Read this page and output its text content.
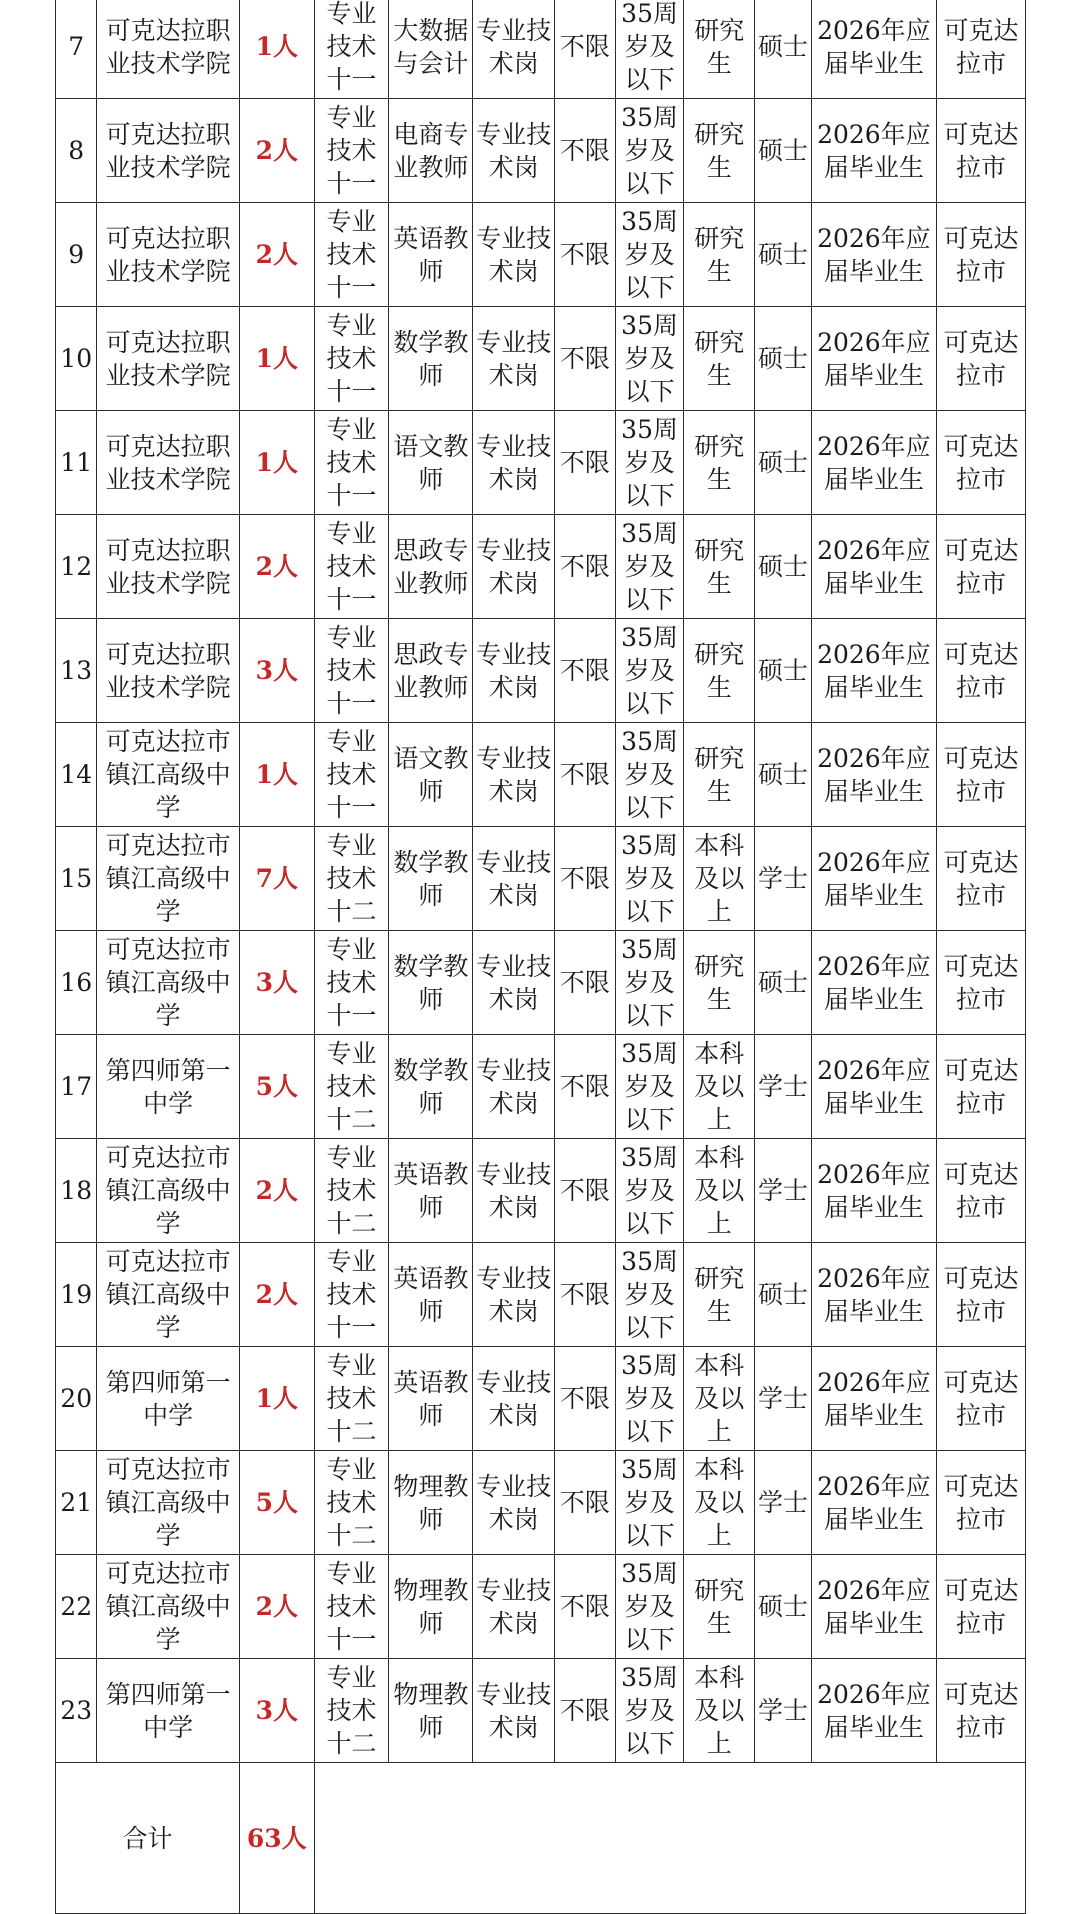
7	可克达拉职业技术学院	1人	专业技术十一	大数据与会计	专业技术岗	不限	35周岁及以下	研究生	硕士	2026年应届毕业生	可克达拉市
8	可克达拉职业技术学院	2人	专业技术十一	电商专业教师	专业技术岗	不限	35周岁及以下	研究生	硕士	2026年应届毕业生	可克达拉市
9	可克达拉职业技术学院	2人	专业技术十一	英语教师	专业技术岗	不限	35周岁及以下	研究生	硕士	2026年应届毕业生	可克达拉市
10	可克达拉职业技术学院	1人	专业技术十一	数学教师	专业技术岗	不限	35周岁及以下	研究生	硕士	2026年应届毕业生	可克达拉市
11	可克达拉职业技术学院	1人	专业技术十一	语文教师	专业技术岗	不限	35周岁及以下	研究生	硕士	2026年应届毕业生	可克达拉市
12	可克达拉职业技术学院	2人	专业技术十一	思政专业教师	专业技术岗	不限	35周岁及以下	研究生	硕士	2026年应届毕业生	可克达拉市
13	可克达拉职业技术学院	3人	专业技术十一	思政专业教师	专业技术岗	不限	35周岁及以下	研究生	硕士	2026年应届毕业生	可克达拉市
14	可克达拉市镇江高级中学	1人	专业技术十一	语文教师	专业技术岗	不限	35周岁及以下	研究生	硕士	2026年应届毕业生	可克达拉市
15	可克达拉市镇江高级中学	7人	专业技术十二	数学教师	专业技术岗	不限	35周岁及以下	本科及以上	学士	2026年应届毕业生	可克达拉市
16	可克达拉市镇江高级中学	3人	专业技术十一	数学教师	专业技术岗	不限	35周岁及以下	研究生	硕士	2026年应届毕业生	可克达拉市
17	第四师第一中学	5人	专业技术十二	数学教师	专业技术岗	不限	35周岁及以下	本科及以上	学士	2026年应届毕业生	可克达拉市
18	可克达拉市镇江高级中学	2人	专业技术十二	英语教师	专业技术岗	不限	35周岁及以下	本科及以上	学士	2026年应届毕业生	可克达拉市
19	可克达拉市镇江高级中学	2人	专业技术十一	英语教师	专业技术岗	不限	35周岁及以下	研究生	硕士	2026年应届毕业生	可克达拉市
20	第四师第一中学	1人	专业技术十二	英语教师	专业技术岗	不限	35周岁及以下	本科及以上	学士	2026年应届毕业生	可克达拉市
21	可克达拉市镇江高级中学	5人	专业技术十二	物理教师	专业技术岗	不限	35周岁及以下	本科及以上	学士	2026年应届毕业生	可克达拉市
22	可克达拉市镇江高级中学	2人	专业技术十一	物理教师	专业技术岗	不限	35周岁及以下	研究生	硕士	2026年应届毕业生	可克达拉市
23	第四师第一中学	3人	专业技术十二	物理教师	专业技术岗	不限	35周岁及以下	本科及以上	学士	2026年应届毕业生	可克达拉市
合计		63人									
